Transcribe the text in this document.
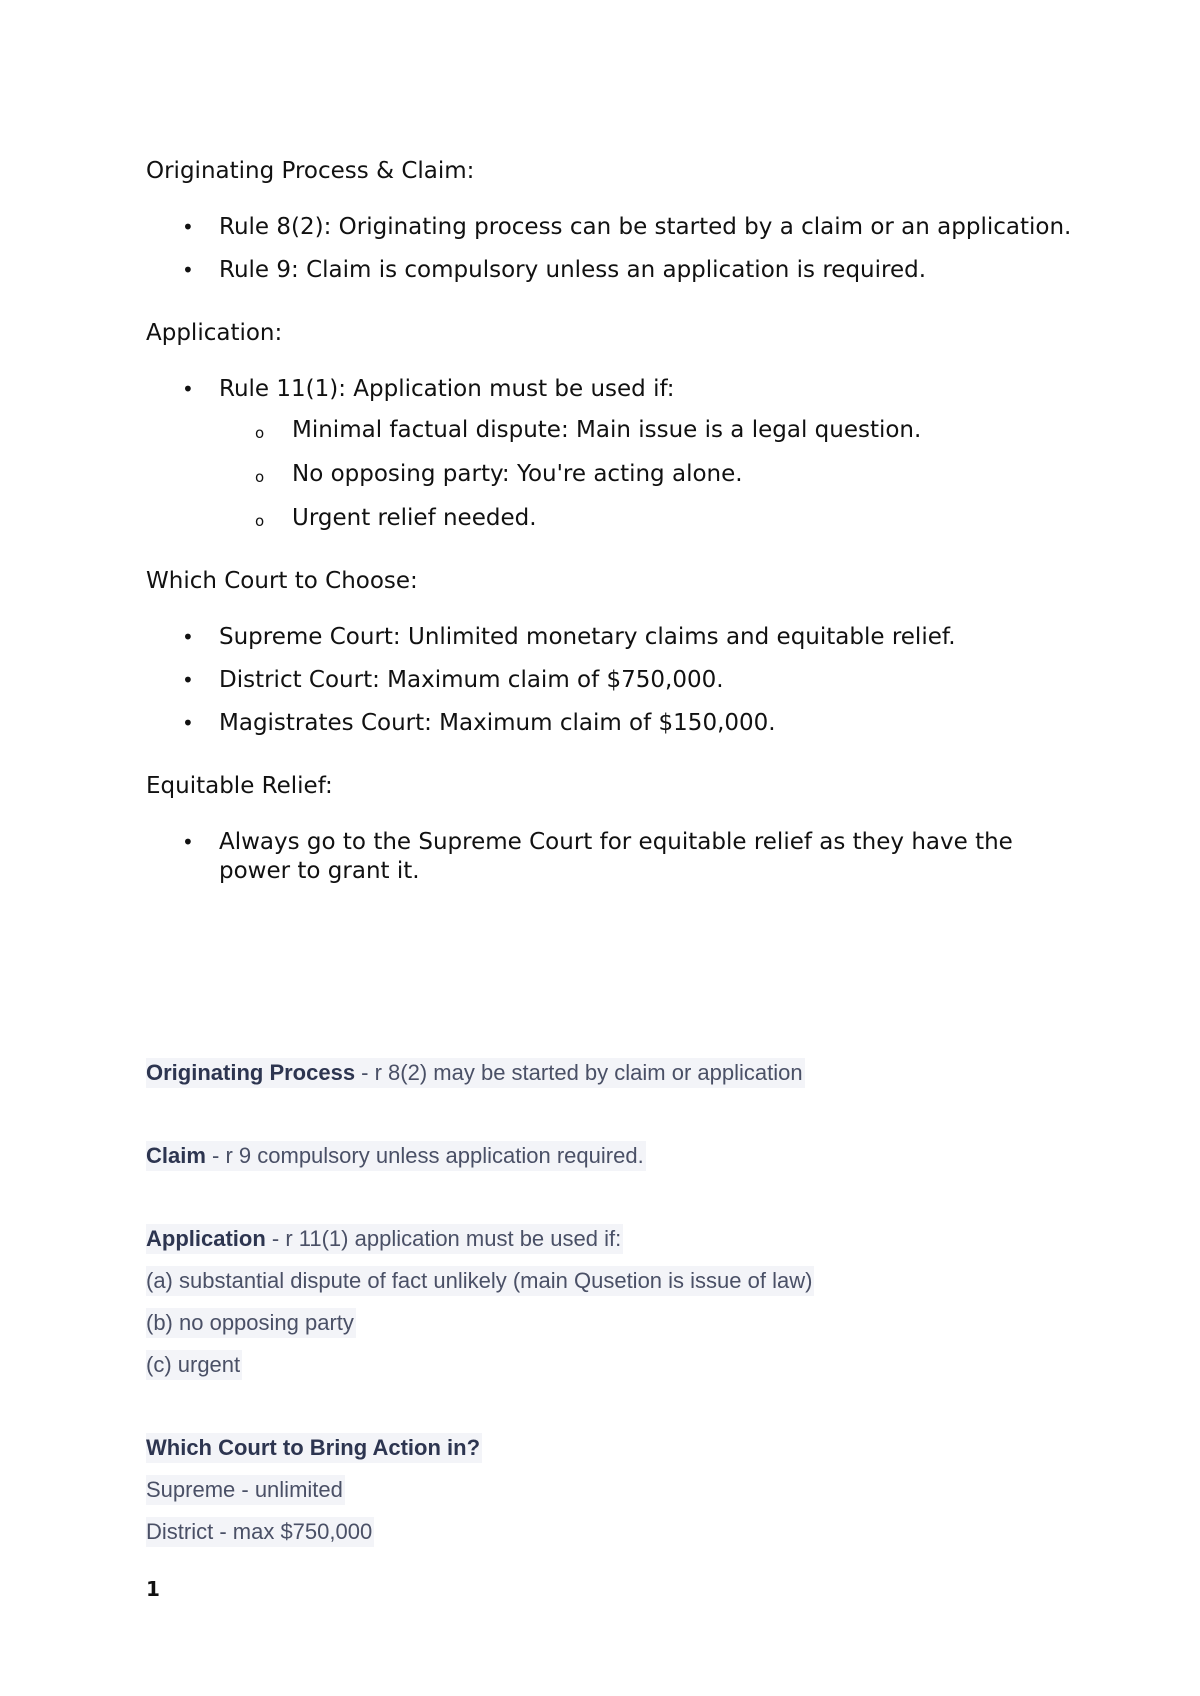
Originating Process & Claim:
• Rule 8(2): Originating process can be started by a claim or an application.
• Rule 9: Claim is compulsory unless an application is required.
Application:
• Rule 11(1): Application must be used if:
o Minimal factual dispute: Main issue is a legal question.
o No opposing party: You're acting alone.
o Urgent relief needed.
Which Court to Choose:
• Supreme Court: Unlimited monetary claims and equitable relief.
• District Court: Maximum claim of $750,000.
• Magistrates Court: Maximum claim of $150,000.
Equitable Relief:
• Always go to the Supreme Court for equitable relief as they have the power to grant it.
Originating Process - r 8(2) may be started by claim or application
Claim - r 9 compulsory unless application required.
Application - r 11(1) application must be used if:
(a) substantial dispute of fact unlikely (main Qusetion is issue of law)
(b) no opposing party
(c) urgent
Which Court to Bring Action in?
Supreme - unlimited
District - max $750,000
1
